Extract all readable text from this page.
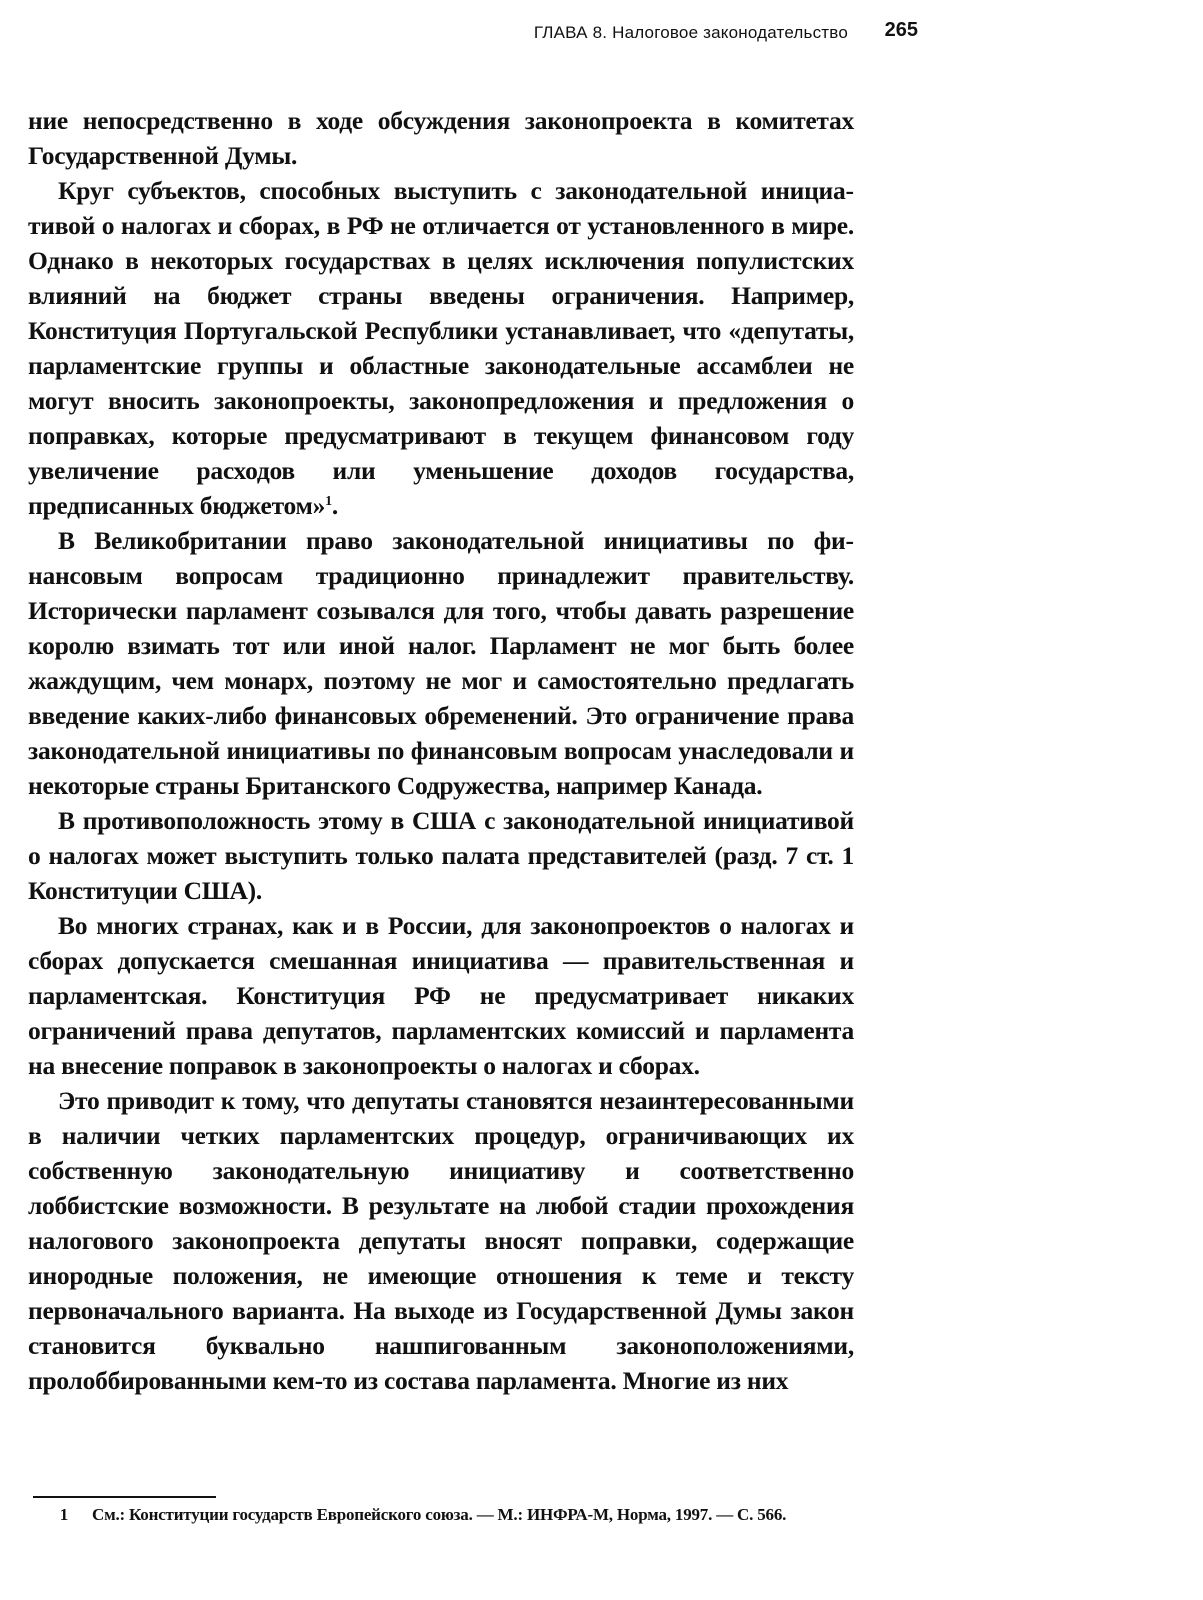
ГЛАВА 8. Налоговое законодательство 265

ние непосредственно в ходе обсуждения законопроекта в комитетах Государственной Думы.

Круг субъектов, способных выступить с законодательной инициативой о налогах и сборах, в РФ не отличается от установленного в мире. Однако в некоторых государствах в целях исключения популистских влияний на бюджет страны введены ограничения. Например, Конституция Португальской Республики устанавливает, что «депутаты, парламентские группы и областные законодательные ассамблеи не могут вносить законопроекты, законопредложения и предложения о поправках, которые предусматривают в текущем финансовом году увеличение расходов или уменьшение доходов государства, предписанных бюджетом»$^1$.

В Великобритании право законодательной инициативы по финансовым вопросам традиционно принадлежит правительству. Исторически парламент созывался для того, чтобы давать разрешение королю взимать тот или иной налог. Парламент не мог быть более жаждущим, чем монарх, поэтому не мог и самостоятельно предлагать введение каких-либо финансовых обременений. Это ограничение права законодательной инициативы по финансовым вопросам унаследовали и некоторые страны Британского Содружества, например Канада.

В противоположность этому в США с законодательной инициативой о налогах может выступить только палата представителей (разд. 7 ст. 1 Конституции США).

Во многих странах, как и в России, для законопроектов о налогах и сборах допускается смешанная инициатива — правительственная и парламентская. Конституция РФ не предусматривает никаких ограничений права депутатов, парламентских комиссий и парламента на внесение поправок в законопроекты о налогах и сборах.

Это приводит к тому, что депутаты становятся незаинтересованными в наличии четких парламентских процедур, ограничивающих их собственную законодательную инициативу и соответственно лоббистские возможности. В результате на любой стадии прохождения налогового законопроекта депутаты вносят поправки, содержащие инородные положения, не имеющие отношения к теме и тексту первоначального варианта. На выходе из Государственной Думы закон становится буквально нашпигованным законоположениями, пролоббированными кем-то из состава парламента. Многие из них

1 См.: Конституции государств Европейского союза. — М.: ИНФРА-М, Норма, 1997. — С. 566.
